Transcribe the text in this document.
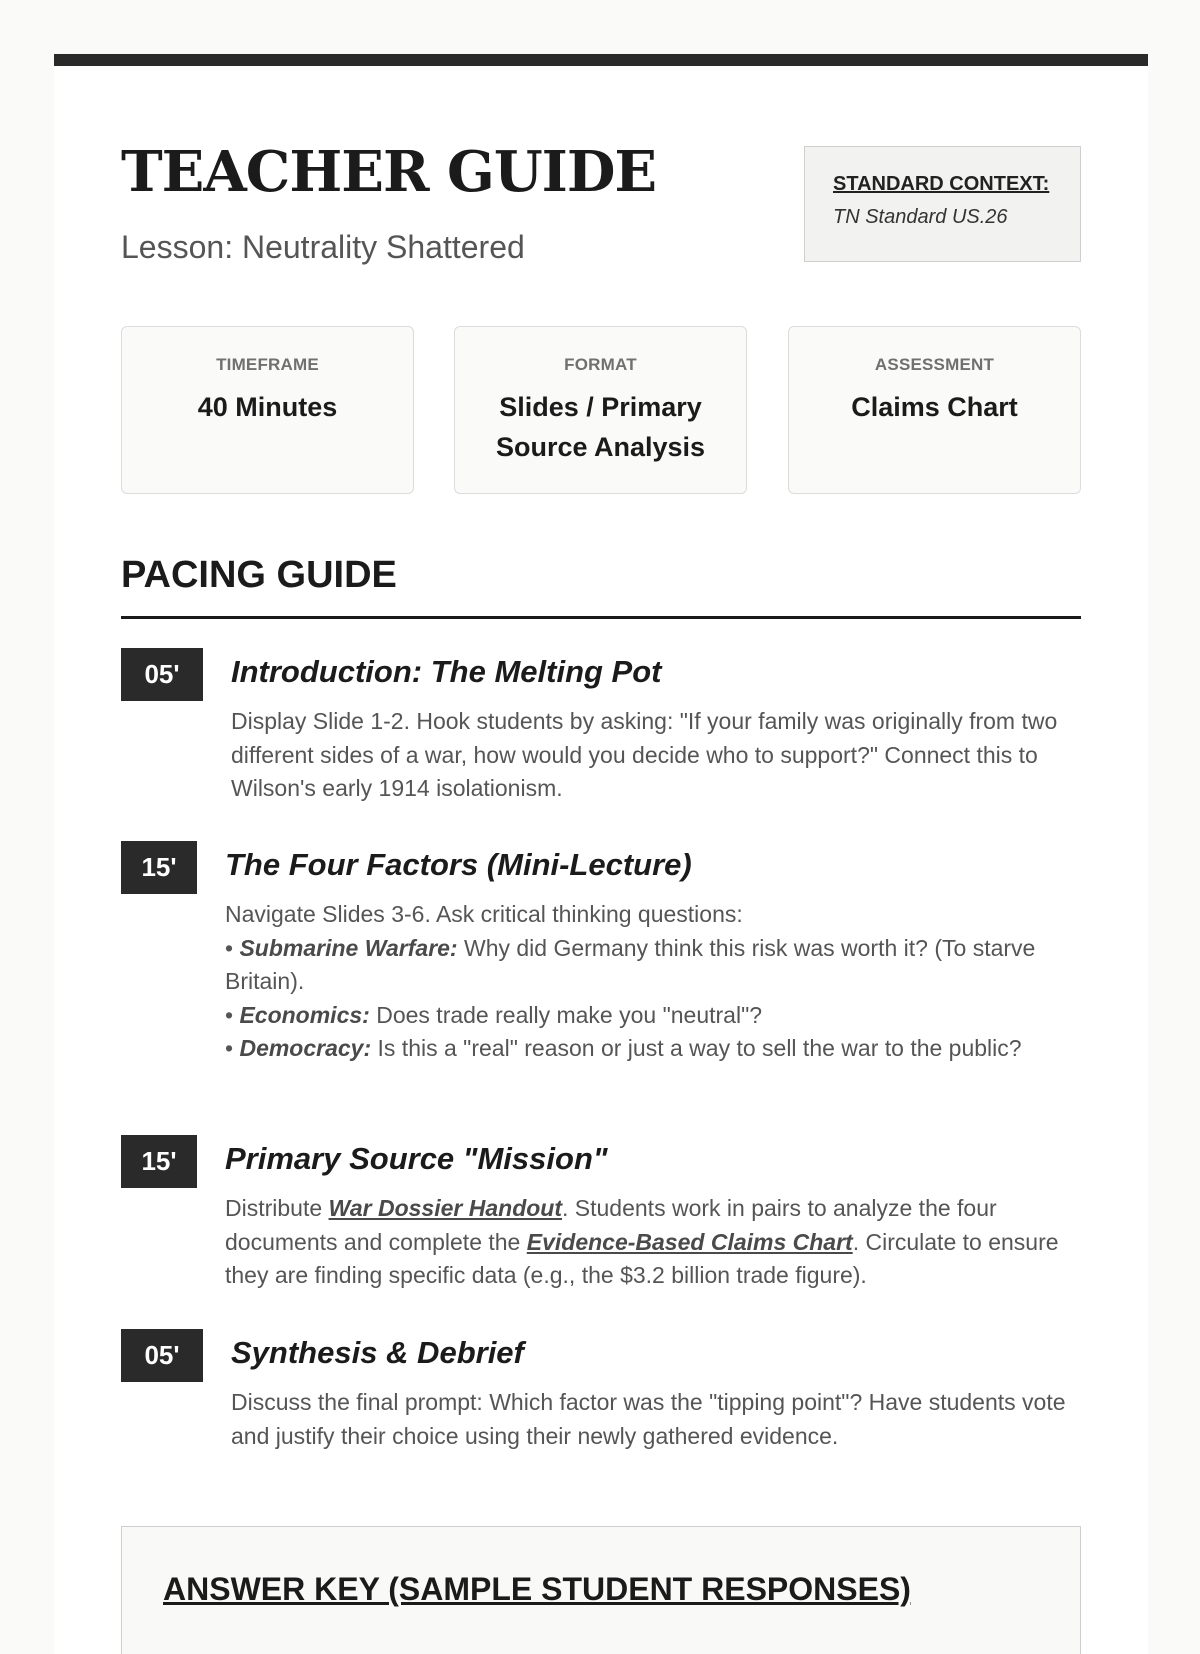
TEACHER GUIDE
Lesson: Neutrality Shattered
STANDARD CONTEXT:
TN Standard US.26
TIMEFRAME
40 Minutes
FORMAT
Slides / Primary Source Analysis
ASSESSMENT
Claims Chart
PACING GUIDE
05'	Introduction: The Melting Pot
Display Slide 1-2. Hook students by asking: "If your family was originally from two different sides of a war, how would you decide who to support?" Connect this to Wilson's early 1914 isolationism.
15'	The Four Factors (Mini-Lecture)
Navigate Slides 3-6. Ask critical thinking questions:
• Submarine Warfare: Why did Germany think this risk was worth it? (To starve Britain).
• Economics: Does trade really make you "neutral"?
• Democracy: Is this a "real" reason or just a way to sell the war to the public?
15'	Primary Source "Mission"
Distribute War Dossier Handout. Students work in pairs to analyze the four documents and complete the Evidence-Based Claims Chart. Circulate to ensure they are finding specific data (e.g., the $3.2 billion trade figure).
05'	Synthesis & Debrief
Discuss the final prompt: Which factor was the "tipping point"? Have students vote and justify their choice using their newly gathered evidence.
ANSWER KEY (SAMPLE STUDENT RESPONSES)
